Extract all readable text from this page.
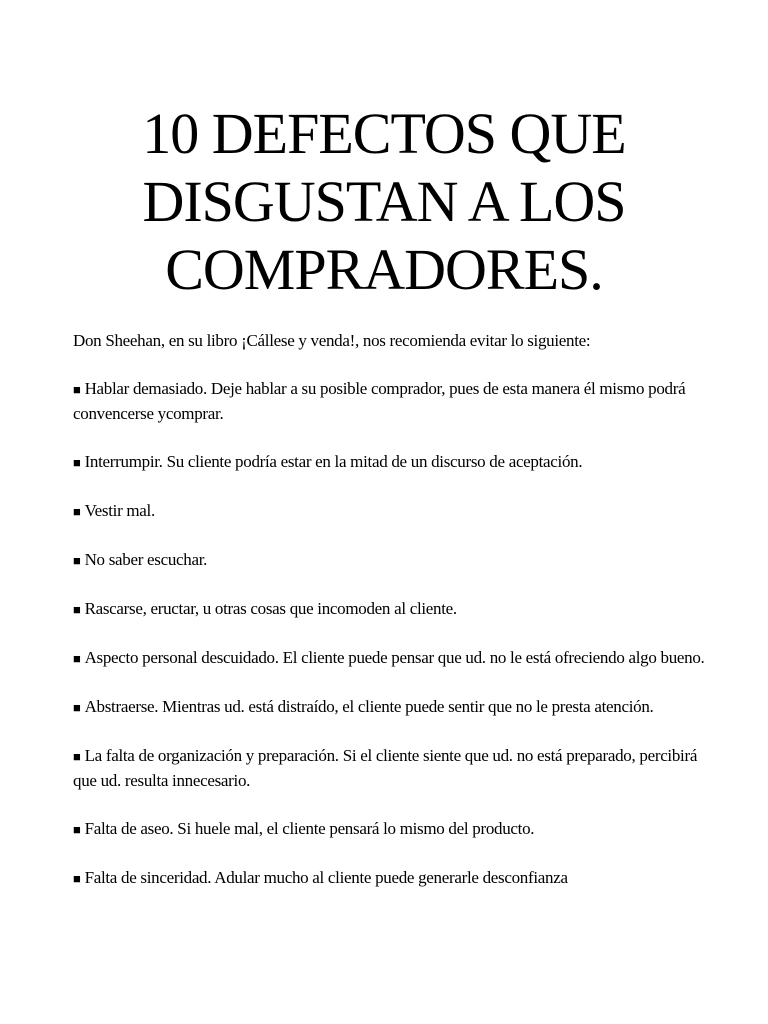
10 DEFECTOS QUE
DISGUSTAN A LOS
COMPRADORES.

Don Sheehan, en su libro ¡Cállese y venda!, nos recomienda evitar lo siguiente:

■ Hablar demasiado. Deje hablar a su posible comprador, pues de esta manera él mismo podrá convencerse ycomprar.

■ Interrumpir. Su cliente podría estar en la mitad de un discurso de aceptación.

■ Vestir mal.

■ No saber escuchar.

■ Rascarse, eructar, u otras cosas que incomoden al cliente.

■ Aspecto personal descuidado. El cliente puede pensar que ud. no le está ofreciendo algo bueno.

■ Abstraerse. Mientras ud. está distraído, el cliente puede sentir que no le presta atención.

■ La falta de organización y preparación. Si el cliente siente que ud. no está preparado, percibirá que ud. resulta innecesario.

■ Falta de aseo. Si huele mal, el cliente pensará lo mismo del producto.

■ Falta de sinceridad. Adular mucho al cliente puede generarle desconfianza
